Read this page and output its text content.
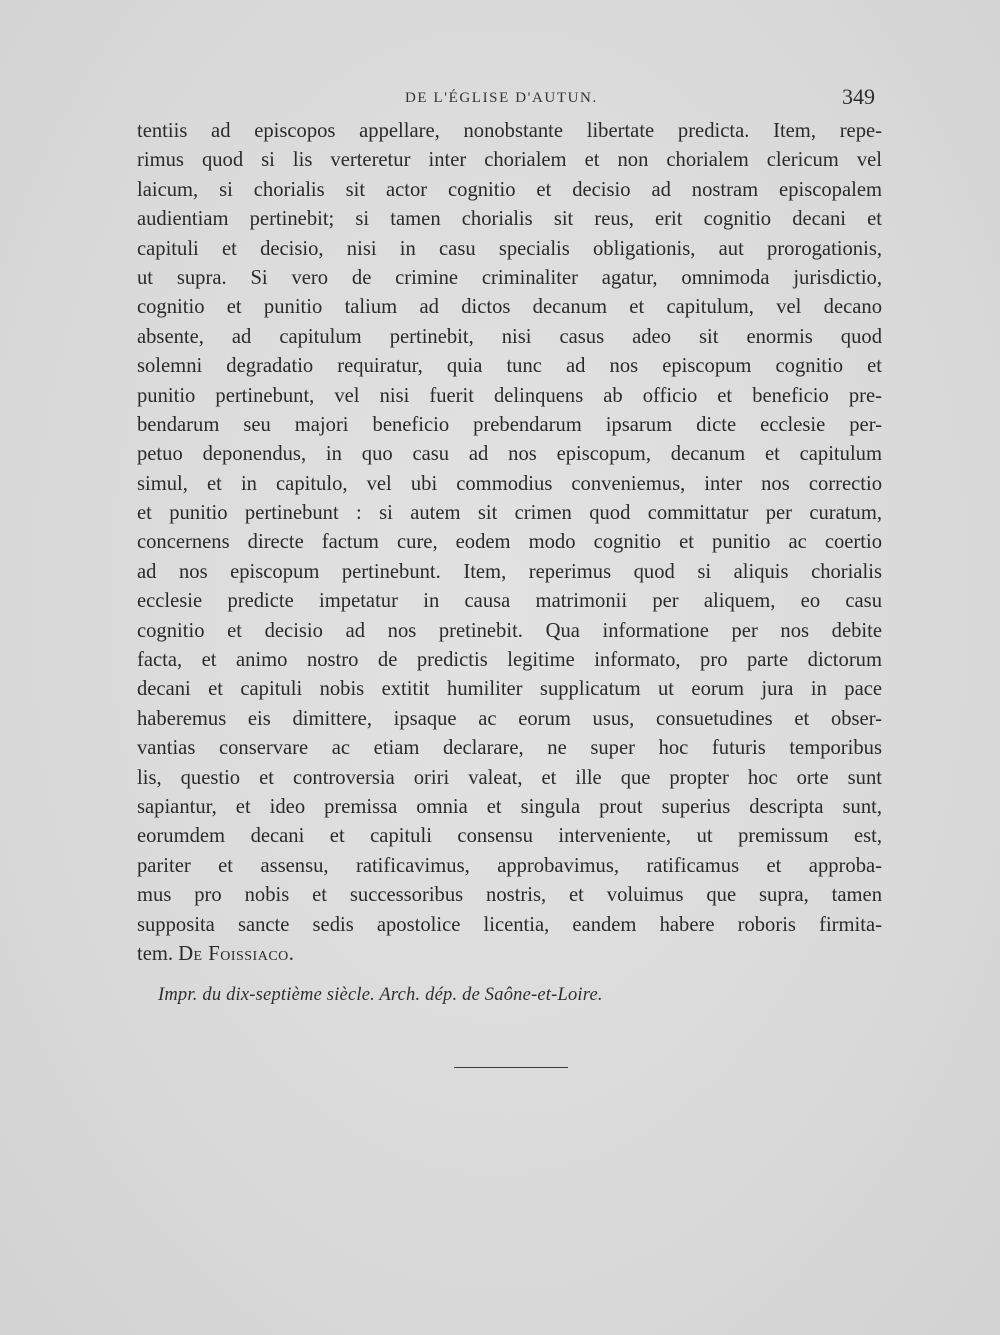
DE L'ÉGLISE D'AUTUN.	349
tentiis ad episcopos appellare, nonobstante libertate predicta. Item, repe-
rimus quod si lis verteretur inter chorialem et non chorialem clericum vel
laicum, si chorialis sit actor cognitio et decisio ad nostram episcopalem
audientiam pertinebit; si tamen chorialis sit reus, erit cognitio decani et
capituli et decisio, nisi in casu specialis obligationis, aut prorogationis,
ut supra. Si vero de crimine criminaliter agatur, omnimoda jurisdictio,
cognitio et punitio talium ad dictos decanum et capitulum, vel decano
absente, ad capitulum pertinebit, nisi casus adeo sit enormis quod
solemni degradatio requiratur, quia tunc ad nos episcopum cognitio et
punitio pertinebunt, vel nisi fuerit delinquens ab officio et beneficio pre-
bendarum seu majori beneficio prebendarum ipsarum dicte ecclesie per-
petuo deponendus, in quo casu ad nos episcopum, decanum et capitulum
simul, et in capitulo, vel ubi commodius conveniemus, inter nos correctio
et punitio pertinebunt : si autem sit crimen quod committatur per curatum,
concernens directe factum cure, eodem modo cognitio et punitio ac coertio
ad nos episcopum pertinebunt. Item, reperimus quod si aliquis chorialis
ecclesie predicte impetatur in causa matrimonii per aliquem, eo casu
cognitio et decisio ad nos pretinebit. Qua informatione per nos debite
facta, et animo nostro de predictis legitime informato, pro parte dictorum
decani et capituli nobis extitit humiliter supplicatum ut eorum jura in pace
haberemus eis dimittere, ipsaque ac eorum usus, consuetudines et obser-
vantias conservare ac etiam declarare, ne super hoc futuris temporibus
lis, questio et controversia oriri valeat, et ille que propter hoc orte sunt
sapiantur, et ideo premissa omnia et singula prout superius descripta sunt,
eorumdem decani et capituli consensu interveniente, ut premissum est,
pariter et assensu, ratificavimus, approbavimus, ratificamus et approba-
mus pro nobis et successoribus nostris, et voluimus que supra, tamen
supposita sancte sedis apostolice licentia, eandem habere roboris firmita-
tem. De Foissiaco.
Impr. du dix-septième siècle. Arch. dép. de Saône-et-Loire.
